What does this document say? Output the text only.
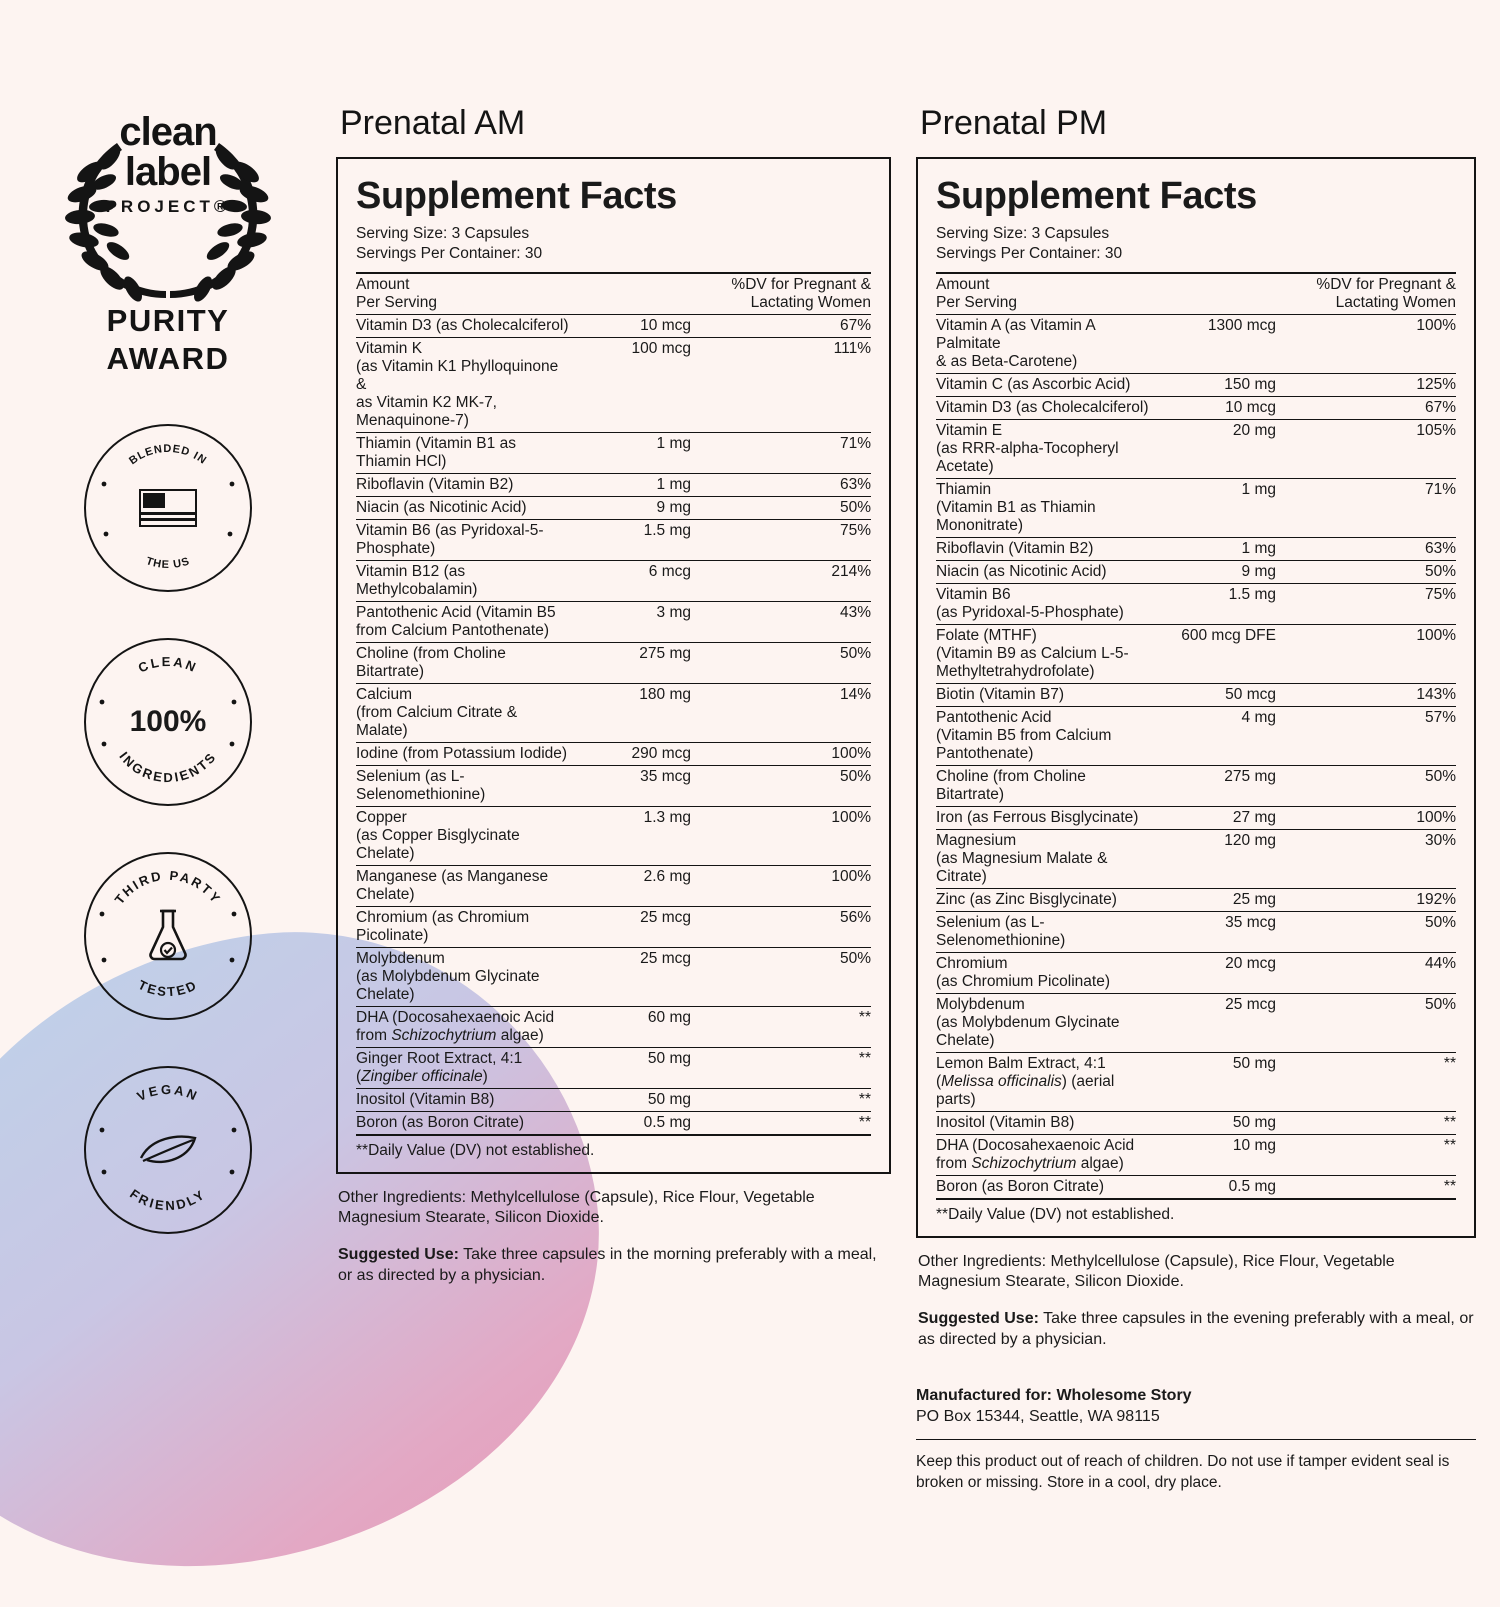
clean
label
PROJECT®
PURITY
AWARD
BLENDED IN
THE US
CLEAN
INGREDIENTS
100%
THIRD PARTY
TESTED
VEGAN
FRIENDLY
Prenatal AM
Supplement Facts
Serving Size: 3 Capsules
Servings Per Container: 30
Amount
Per Serving		%DV for Pregnant &
Lactating Women
Vitamin D3 (as Cholecalciferol)	10 mcg	67%
Vitamin K
(as Vitamin K1 Phylloquinone &
as Vitamin K2 MK-7, Menaquinone-7)	100 mcg	111%
Thiamin (Vitamin B1 as Thiamin HCl)	1 mg	71%
Riboflavin (Vitamin B2)	1 mg	63%
Niacin (as Nicotinic Acid)	9 mg	50%
Vitamin B6 (as Pyridoxal-5-Phosphate)	1.5 mg	75%
Vitamin B12 (as Methylcobalamin)	6 mcg	214%
Pantothenic Acid (Vitamin B5
from Calcium Pantothenate)	3 mg	43%
Choline (from Choline Bitartrate)	275 mg	50%
Calcium
(from Calcium Citrate & Malate)	180 mg	14%
Iodine (from Potassium Iodide)	290 mcg	100%
Selenium (as L-Selenomethionine)	35 mcg	50%
Copper
(as Copper Bisglycinate Chelate)	1.3 mg	100%
Manganese (as Manganese Chelate)	2.6 mg	100%
Chromium (as Chromium Picolinate)	25 mcg	56%
Molybdenum
(as Molybdenum Glycinate Chelate)	25 mcg	50%
DHA (Docosahexaenoic Acid
from Schizochytrium algae)	60 mg	**
Ginger Root Extract, 4:1
(Zingiber officinale)	50 mg	**
Inositol (Vitamin B8)	50 mg	**
Boron (as Boron Citrate)	0.5 mg	**
**Daily Value (DV) not established.
Other Ingredients: Methylcellulose (Capsule), Rice Flour, Vegetable Magnesium Stearate, Silicon Dioxide.
Suggested Use: Take three capsules in the morning preferably with a meal, or as directed by a physician.
Prenatal PM
Supplement Facts
Serving Size: 3 Capsules
Servings Per Container: 30
Amount
Per Serving		%DV for Pregnant &
Lactating Women
Vitamin A (as Vitamin A Palmitate
& as Beta-Carotene)	1300 mcg	100%
Vitamin C (as Ascorbic Acid)	150 mg	125%
Vitamin D3 (as Cholecalciferol)	10 mcg	67%
Vitamin E
(as RRR-alpha-Tocopheryl Acetate)	20 mg	105%
Thiamin
(Vitamin B1 as Thiamin Mononitrate)	1 mg	71%
Riboflavin (Vitamin B2)	1 mg	63%
Niacin (as Nicotinic Acid)	9 mg	50%
Vitamin B6
(as Pyridoxal-5-Phosphate)	1.5 mg	75%
Folate (MTHF)
(Vitamin B9 as Calcium L-5-Methyltetrahydrofolate)	600 mcg DFE	100%
Biotin (Vitamin B7)	50 mcg	143%
Pantothenic Acid
(Vitamin B5 from Calcium Pantothenate)	4 mg	57%
Choline (from Choline Bitartrate)	275 mg	50%
Iron (as Ferrous Bisglycinate)	27 mg	100%
Magnesium
(as Magnesium Malate & Citrate)	120 mg	30%
Zinc (as Zinc Bisglycinate)	25 mg	192%
Selenium (as L-Selenomethionine)	35 mcg	50%
Chromium
(as Chromium Picolinate)	20 mcg	44%
Molybdenum
(as Molybdenum Glycinate Chelate)	25 mcg	50%
Lemon Balm Extract, 4:1
(Melissa officinalis) (aerial parts)	50 mg	**
Inositol (Vitamin B8)	50 mg	**
DHA (Docosahexaenoic Acid
from Schizochytrium algae)	10 mg	**
Boron (as Boron Citrate)	0.5 mg	**
**Daily Value (DV) not established.
Other Ingredients: Methylcellulose (Capsule), Rice Flour, Vegetable Magnesium Stearate, Silicon Dioxide.
Suggested Use: Take three capsules in the evening preferably with a meal, or as directed by a physician.
Manufactured for: Wholesome Story
PO Box 15344, Seattle, WA 98115
Keep this product out of reach of children. Do not use if tamper evident seal is broken or missing. Store in a cool, dry place.
